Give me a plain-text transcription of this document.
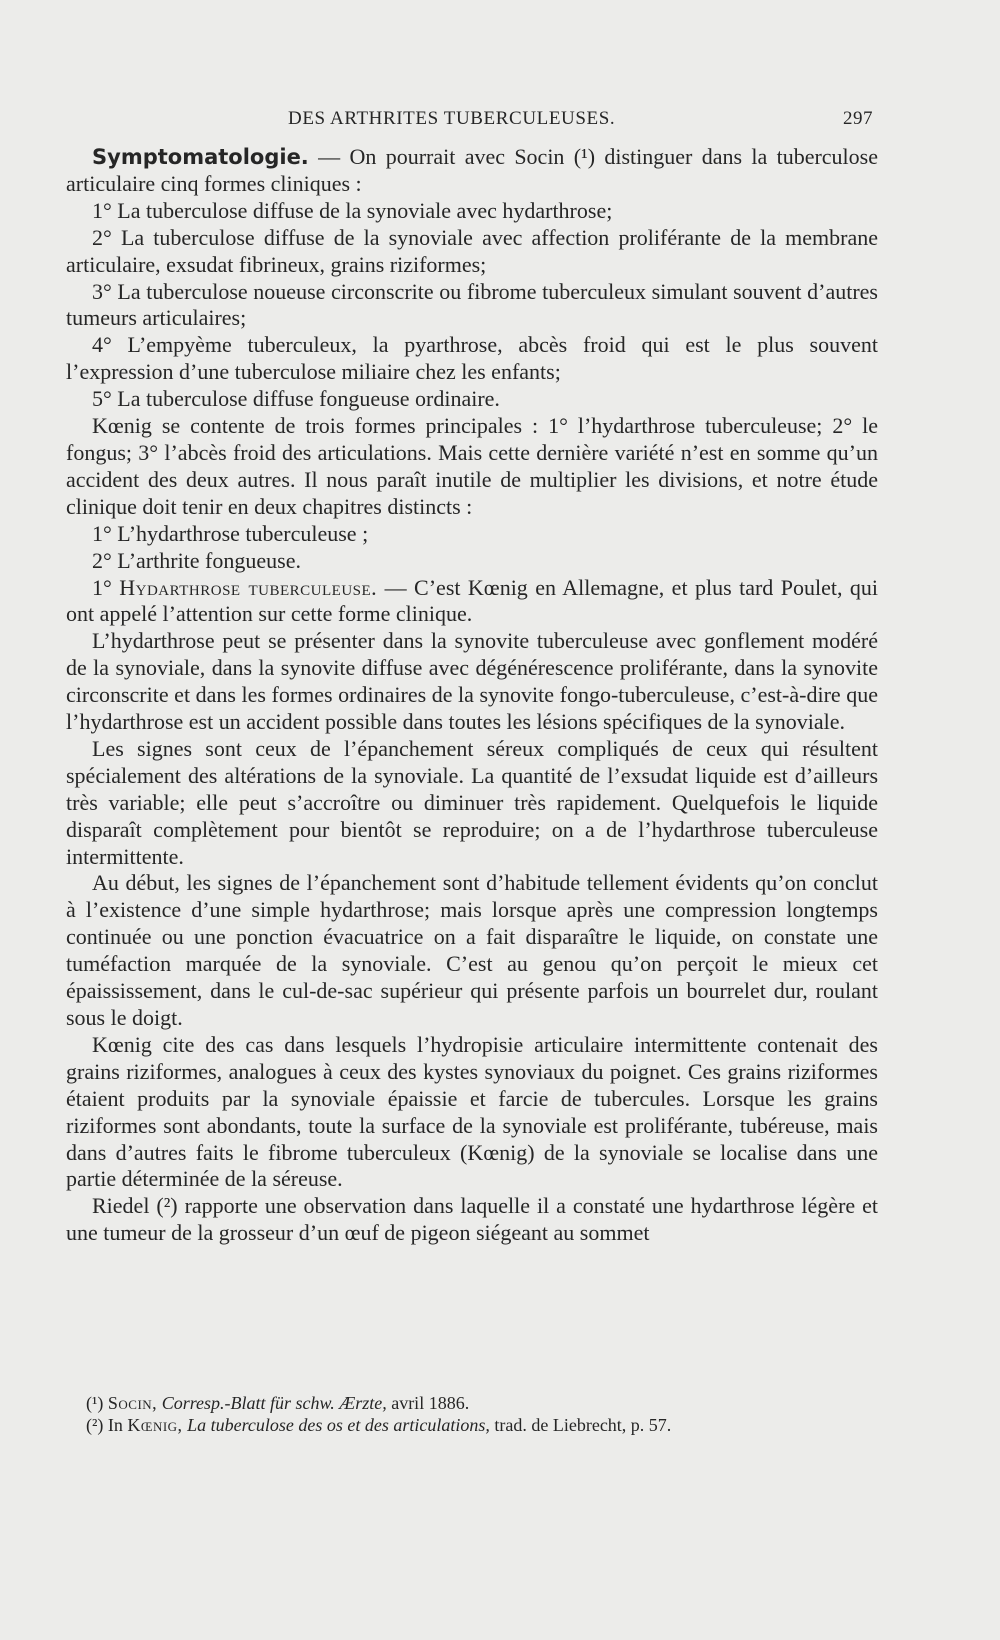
DES ARTHRITES TUBERCULEUSES.	297

Symptomatologie. — On pourrait avec Socin (¹) distinguer dans la tuberculose articulaire cinq formes cliniques :

1° La tuberculose diffuse de la synoviale avec hydarthrose;

2° La tuberculose diffuse de la synoviale avec affection proliférante de la membrane articulaire, exsudat fibrineux, grains riziformes;

3° La tuberculose noueuse circonscrite ou fibrome tuberculeux simulant souvent d’autres tumeurs articulaires;

4° L’empyème tuberculeux, la pyarthrose, abcès froid qui est le plus souvent l’expression d’une tuberculose miliaire chez les enfants;

5° La tuberculose diffuse fongueuse ordinaire.

Kœnig se contente de trois formes principales : 1° l’hydarthrose tuberculeuse; 2° le fongus; 3° l’abcès froid des articulations. Mais cette dernière variété n’est en somme qu’un accident des deux autres. Il nous paraît inutile de multiplier les divisions, et notre étude clinique doit tenir en deux chapitres distincts :

1° L’hydarthrose tuberculeuse ;

2° L’arthrite fongueuse.

1° Hydarthrose tuberculeuse. — C’est Kœnig en Allemagne, et plus tard Poulet, qui ont appelé l’attention sur cette forme clinique.

L’hydarthrose peut se présenter dans la synovite tuberculeuse avec gonflement modéré de la synoviale, dans la synovite diffuse avec dégénérescence proliférante, dans la synovite circonscrite et dans les formes ordinaires de la synovite fongo-tuberculeuse, c’est-à-dire que l’hydarthrose est un accident possible dans toutes les lésions spécifiques de la synoviale.

Les signes sont ceux de l’épanchement séreux compliqués de ceux qui résultent spécialement des altérations de la synoviale. La quantité de l’exsudat liquide est d’ailleurs très variable; elle peut s’accroître ou diminuer très rapidement. Quelquefois le liquide disparaît complètement pour bientôt se reproduire; on a de l’hydarthrose tuberculeuse intermittente.

Au début, les signes de l’épanchement sont d’habitude tellement évidents qu’on conclut à l’existence d’une simple hydarthrose; mais lorsque après une compression longtemps continuée ou une ponction évacuatrice on a fait disparaître le liquide, on constate une tuméfaction marquée de la synoviale. C’est au genou qu’on perçoit le mieux cet épaississement, dans le cul-de-sac supérieur qui présente parfois un bourrelet dur, roulant sous le doigt.

Kœnig cite des cas dans lesquels l’hydropisie articulaire intermittente contenait des grains riziformes, analogues à ceux des kystes synoviaux du poignet. Ces grains riziformes étaient produits par la synoviale épaissie et farcie de tubercules. Lorsque les grains riziformes sont abondants, toute la surface de la synoviale est proliférante, tubéreuse, mais dans d’autres faits le fibrome tuberculeux (Kœnig) de la synoviale se localise dans une partie déterminée de la séreuse.

Riedel (²) rapporte une observation dans laquelle il a constaté une hydarthrose légère et une tumeur de la grosseur d’un œuf de pigeon siégeant au sommet

(¹) Socin, Corresp.-Blatt für schw. Ærzte, avril 1886.

(²) In Kœnig, La tuberculose des os et des articulations, trad. de Liebrecht, p. 57.
